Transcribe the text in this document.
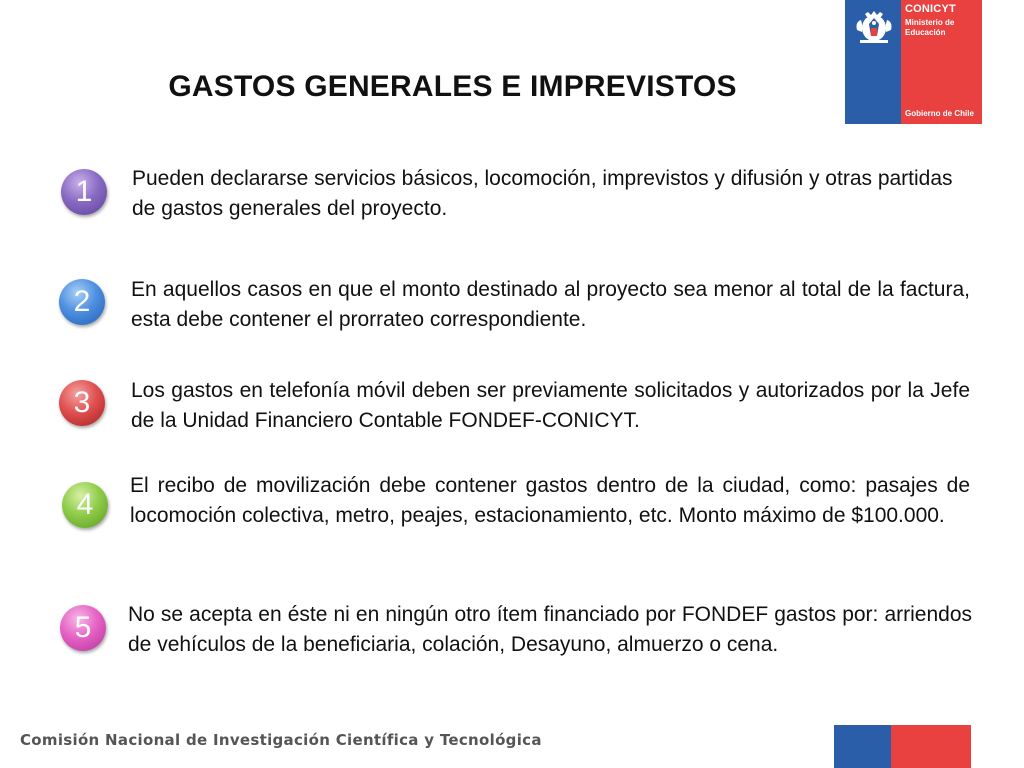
CONICYT
Ministerio de Educación
Gobierno de Chile
GASTOS GENERALES E IMPREVISTOS
1	Pueden declararse servicios básicos, locomoción, imprevistos y difusión y otras partidas de gastos generales del proyecto.
2	En aquellos casos en que el monto destinado al proyecto sea menor al total de la factura, esta debe contener el prorrateo correspondiente.
3	Los gastos en telefonía móvil deben ser previamente solicitados y autorizados por la Jefe de la Unidad Financiero Contable FONDEF-CONICYT.
4
El recibo de movilización debe contener gastos dentro de la ciudad, como: pasajes de locomoción colectiva, metro, peajes, estacionamiento, etc. Monto máximo de $100.000.
5	No se acepta en éste ni en ningún otro ítem financiado por FONDEF gastos por: arriendos de vehículos de la beneficiaria, colación, Desayuno, almuerzo o cena.
Comisión Nacional de Investigación Científica y Tecnológica
